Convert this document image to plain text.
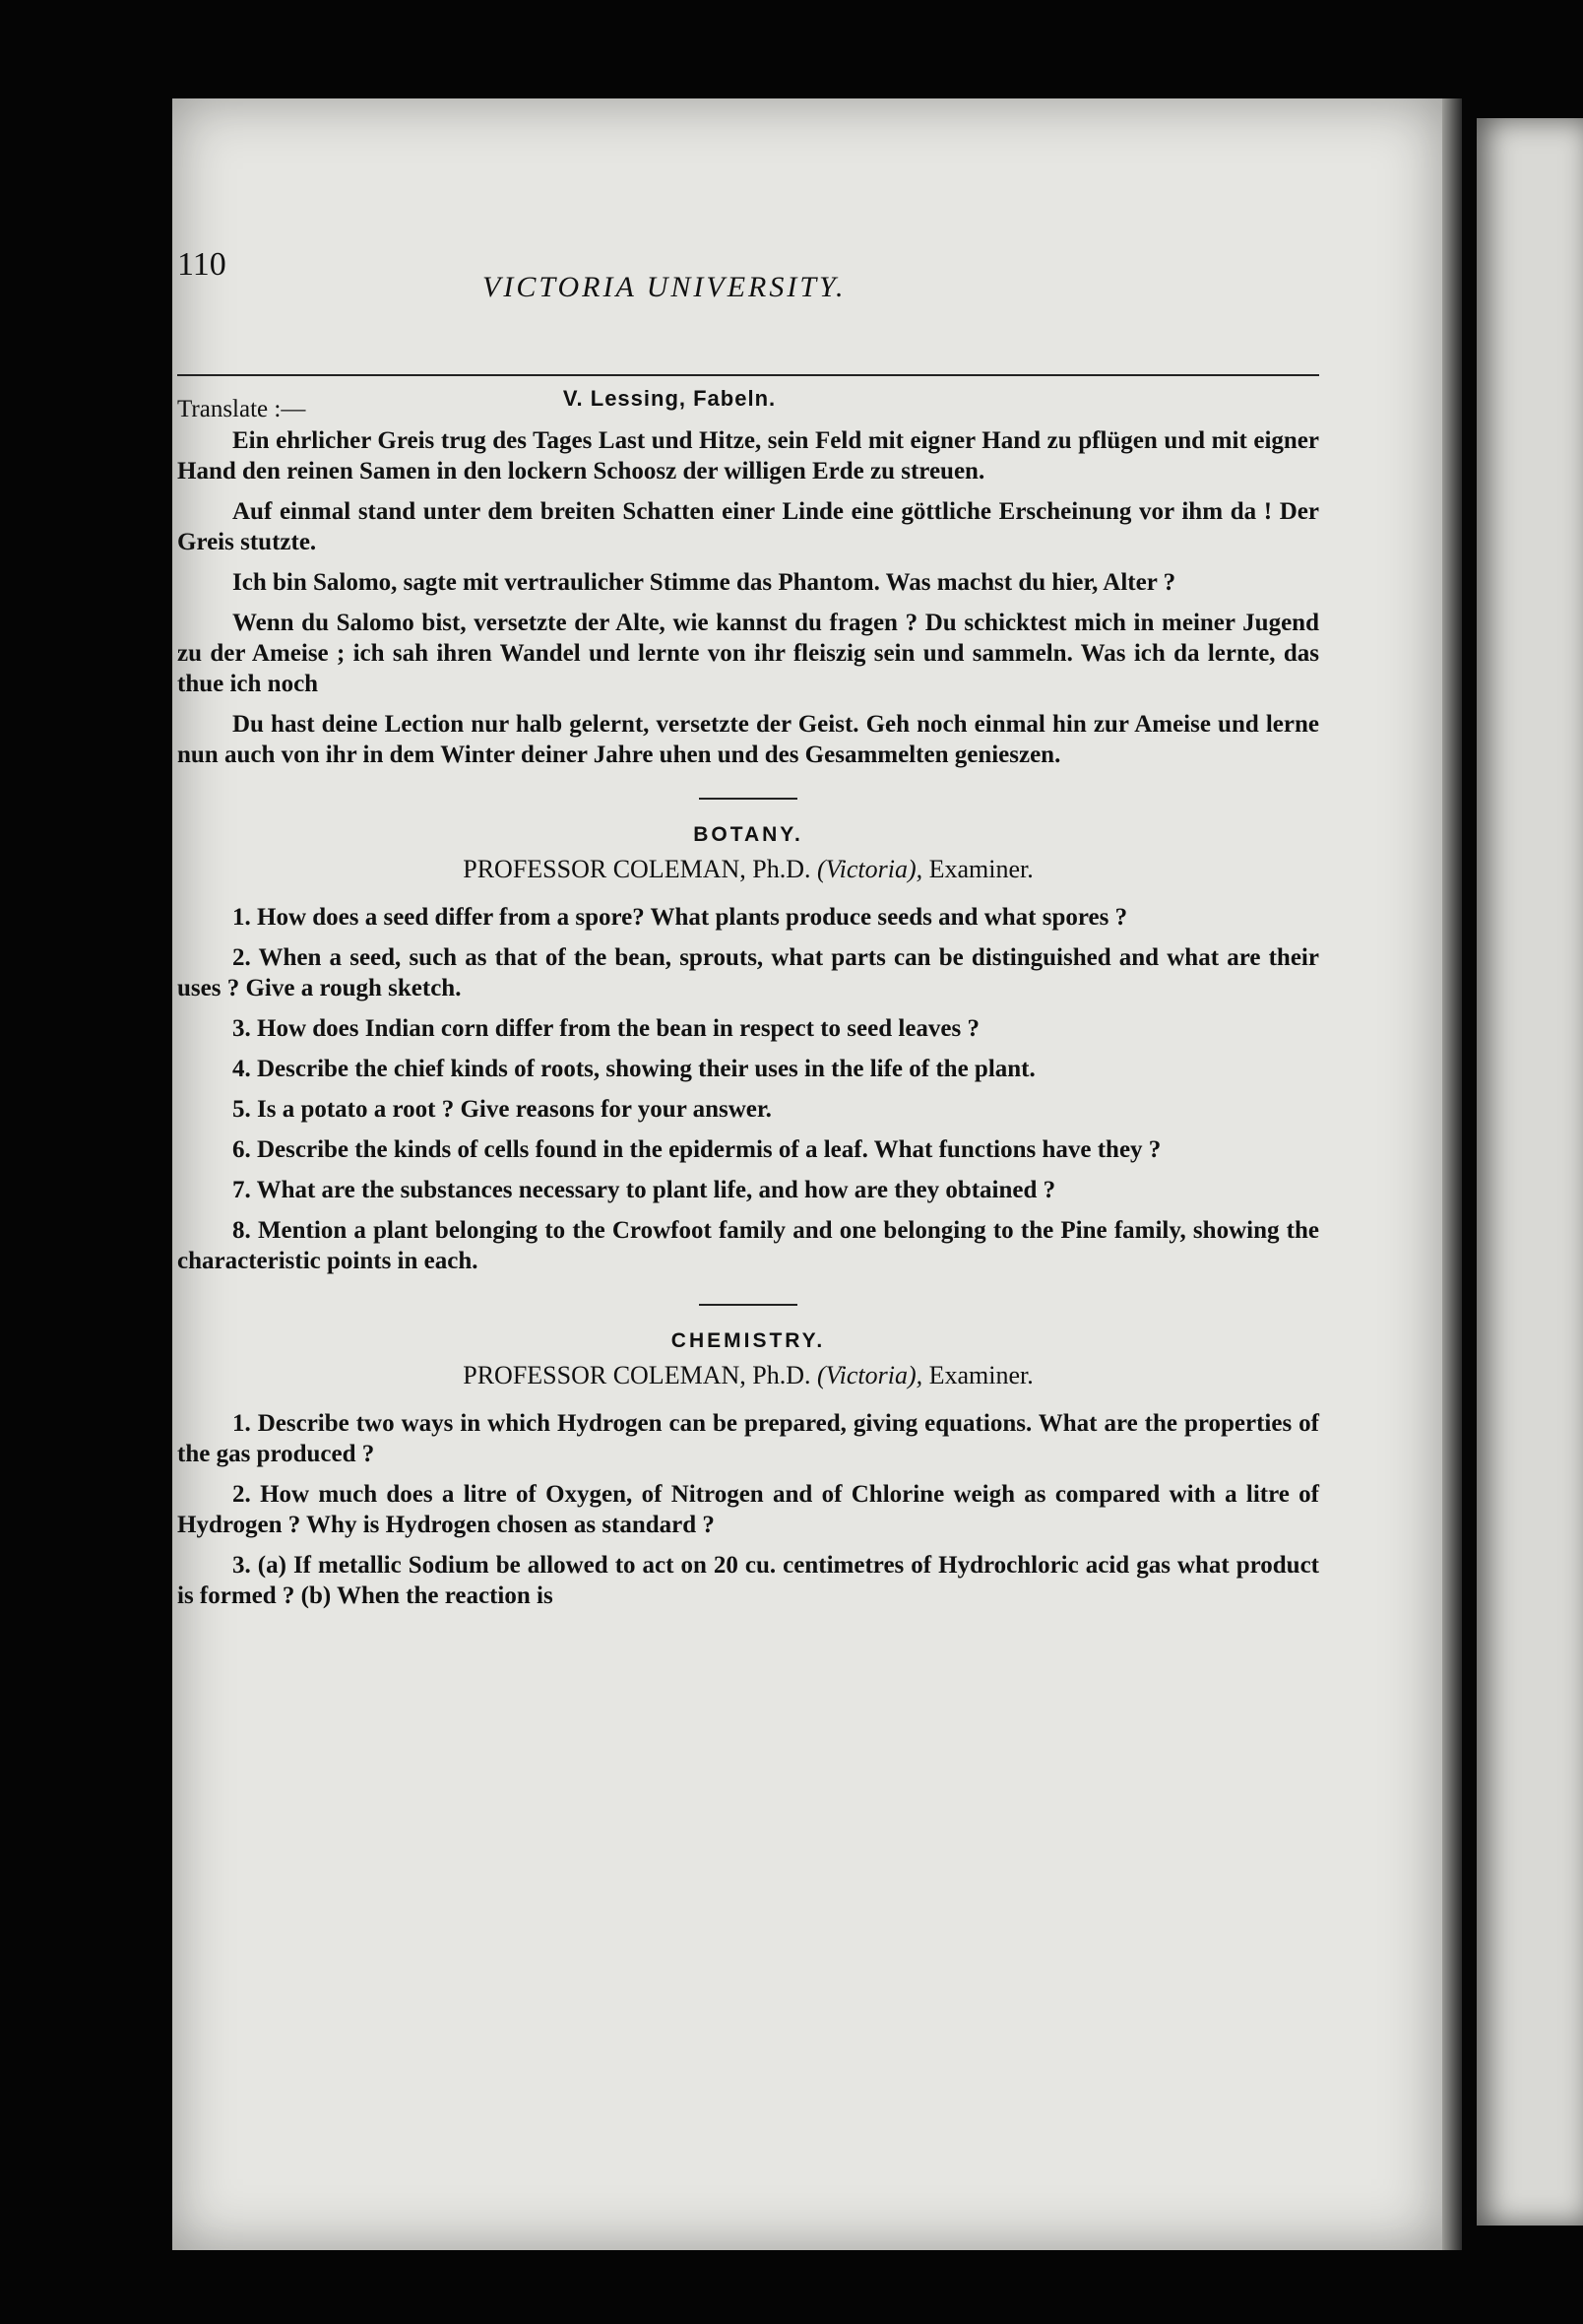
110
VICTORIA UNIVERSITY.
Translate :—	V. Lessing, Fabeln.

Ein ehrlicher Greis trug des Tages Last und Hitze, sein Feld mit eigner Hand zu pflügen und mit eigner Hand den reinen Samen in den lockern Schoosz der willigen Erde zu streuen.

Auf einmal stand unter dem breiten Schatten einer Linde eine göttliche Erscheinung vor ihm da ! Der Greis stutzte.

Ich bin Salomo, sagte mit vertraulicher Stimme das Phantom. Was machst du hier, Alter ?

Wenn du Salomo bist, versetzte der Alte, wie kannst du fragen ? Du schicktest mich in meiner Jugend zu der Ameise ; ich sah ihren Wandel und lernte von ihr fleiszig sein und sammeln. Was ich da lernte, das thue ich noch

Du hast deine Lection nur halb gelernt, versetzte der Geist. Geh noch einmal hin zur Ameise und lerne nun auch von ihr in dem Winter deiner Jahre uhen und des Gesammelten genieszen.

BOTANY.
PROFESSOR COLEMAN, Ph.D. (Victoria), Examiner.

1. How does a seed differ from a spore? What plants produce seeds and what spores ?

2. When a seed, such as that of the bean, sprouts, what parts can be distinguished and what are their uses ? Give a rough sketch.

3. How does Indian corn differ from the bean in respect to seed leaves ?

4. Describe the chief kinds of roots, showing their uses in the life of the plant.

5. Is a potato a root ? Give reasons for your answer.

6. Describe the kinds of cells found in the epidermis of a leaf. What functions have they ?

7. What are the substances necessary to plant life, and how are they obtained ?

8. Mention a plant belonging to the Crowfoot family and one belonging to the Pine family, showing the characteristic points in each.

CHEMISTRY.
PROFESSOR COLEMAN, Ph.D. (Victoria), Examiner.

1. Describe two ways in which Hydrogen can be prepared, giving equations. What are the properties of the gas produced ?

2. How much does a litre of Oxygen, of Nitrogen and of Chlorine weigh as compared with a litre of Hydrogen ? Why is Hydrogen chosen as standard ?

3. (a) If metallic Sodium be allowed to act on 20 cu. centimetres of Hydrochloric acid gas what product is formed ? (b) When the reaction is
